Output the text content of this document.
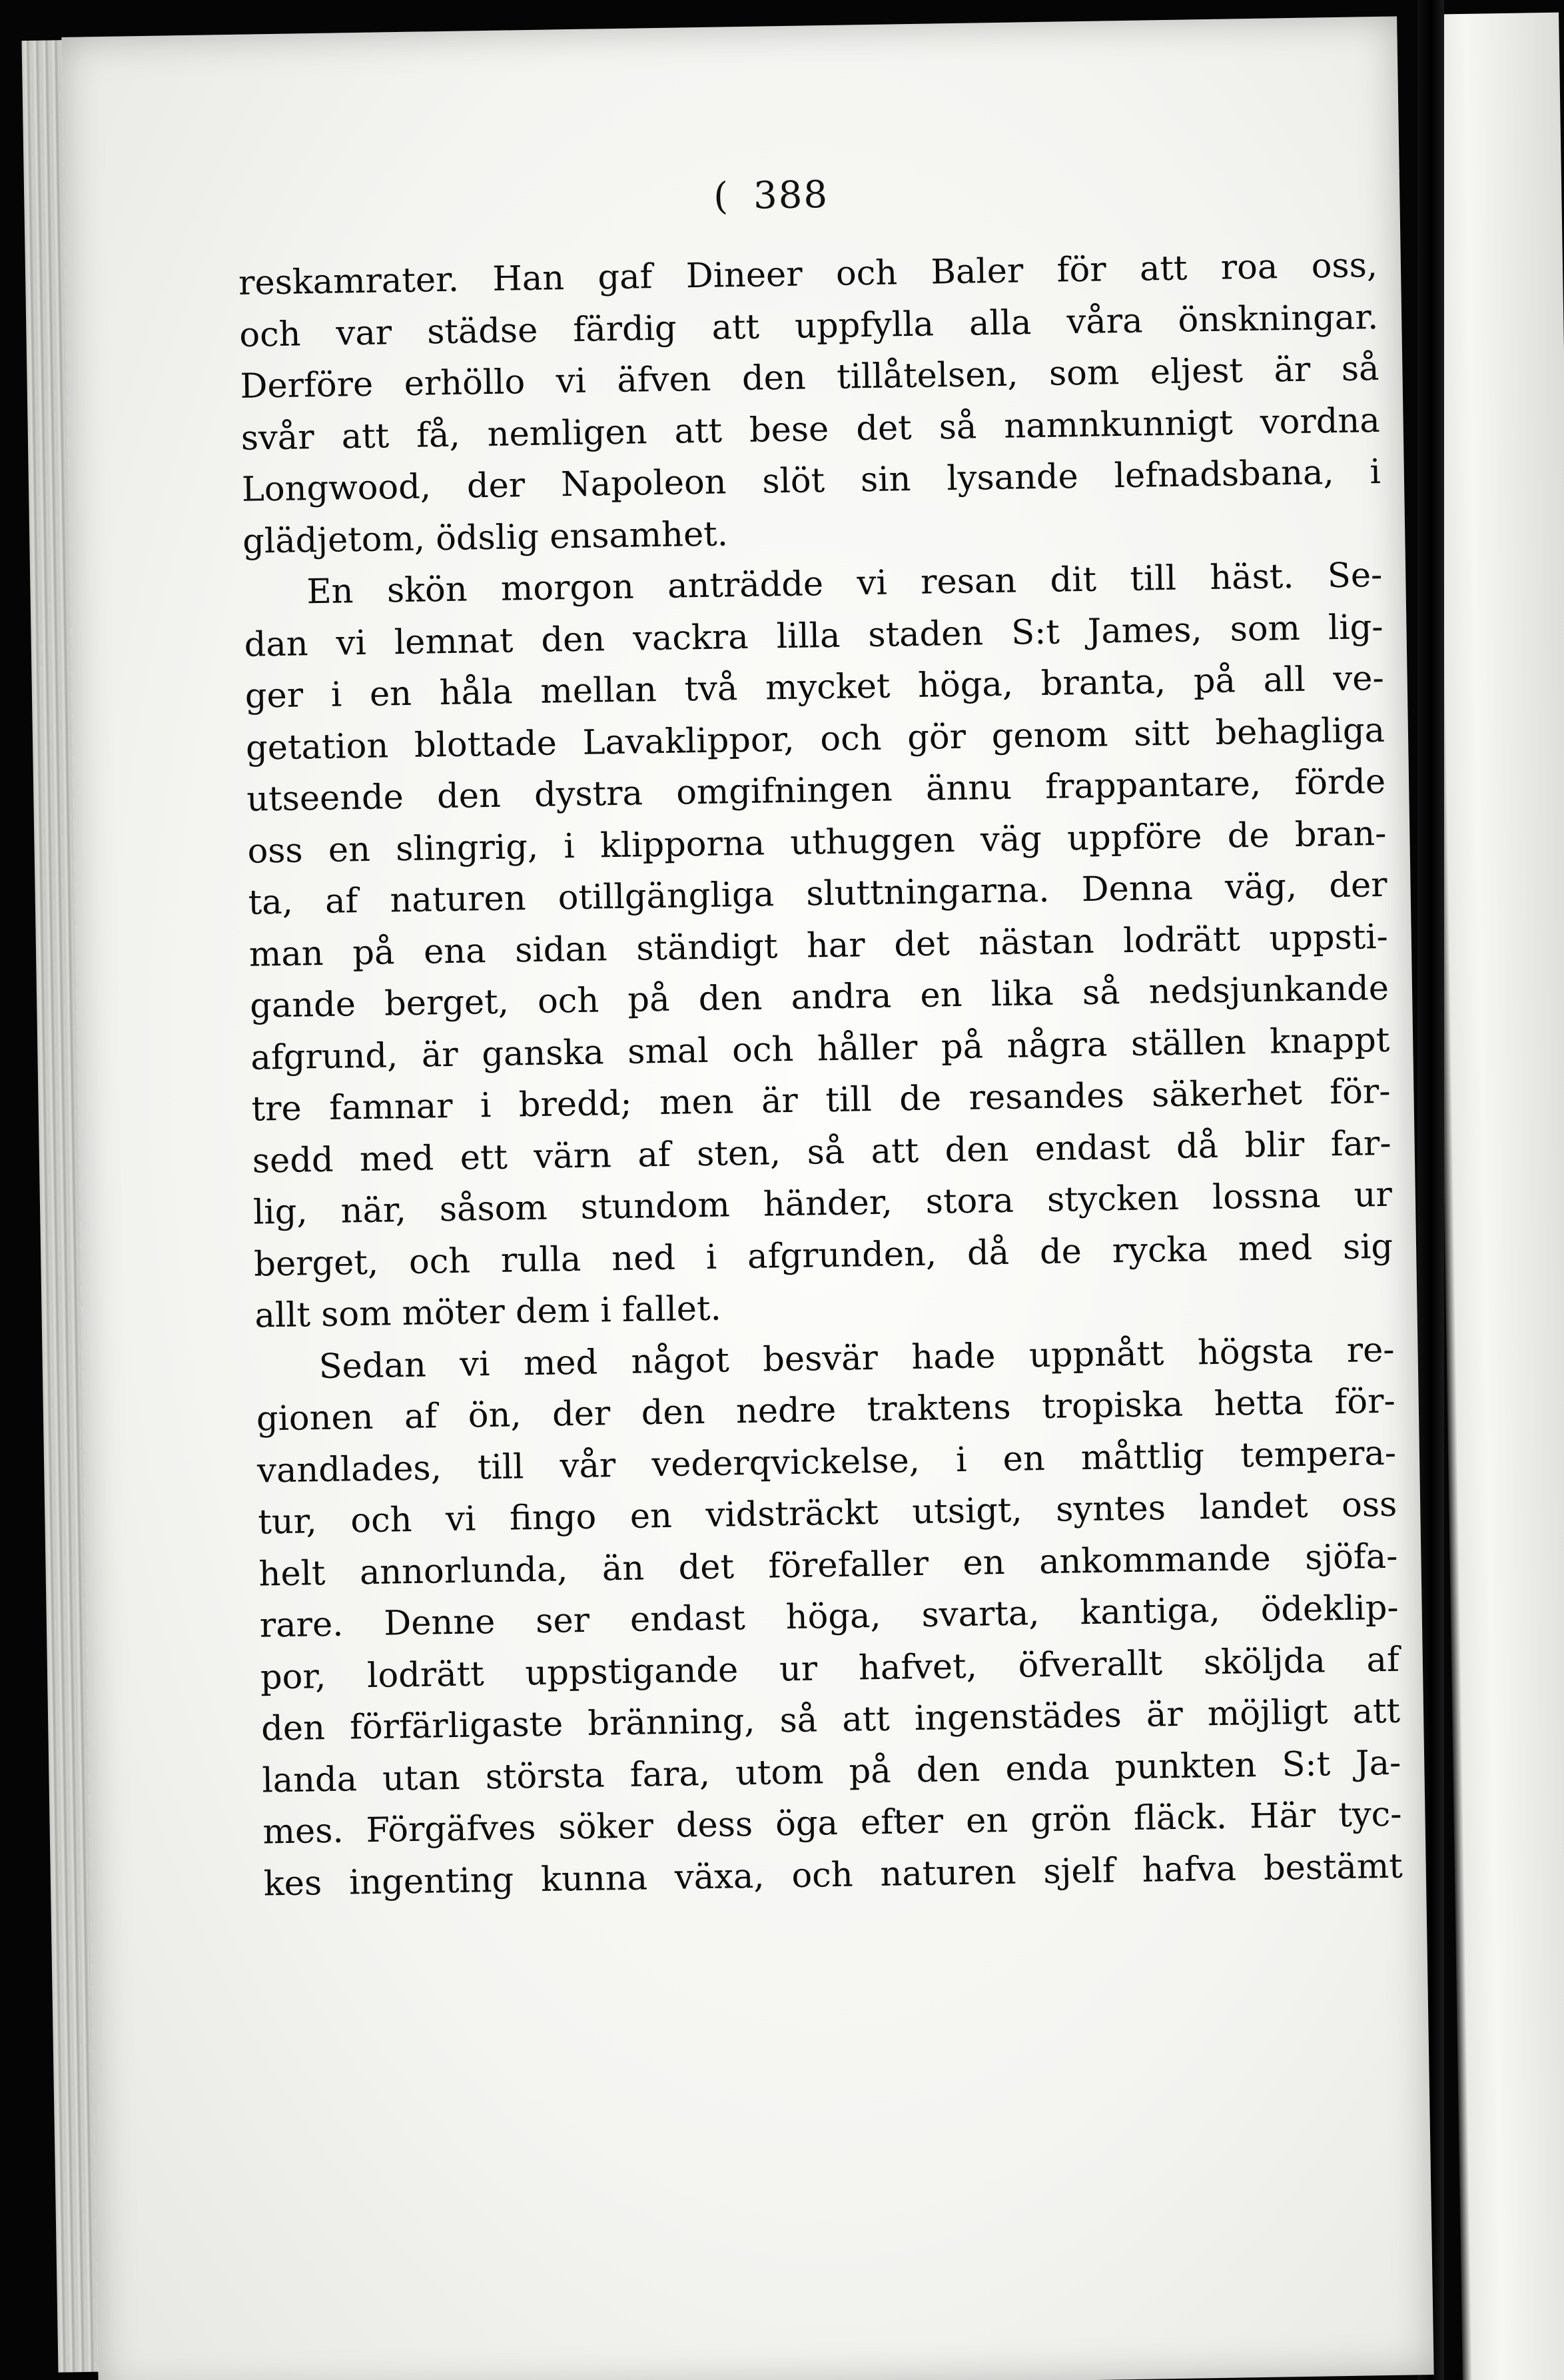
( 388
reskamrater. Han gaf Dineer och Baler för att roa oss,
och var städse färdig att uppfylla alla våra önskningar.
Derföre erhöllo vi äfven den tillåtelsen, som eljest är så
svår att få, nemligen att bese det så namnkunnigt vordna
Longwood, der Napoleon slöt sin lysande lefnadsbana, i
glädjetom, ödslig ensamhet.
En skön morgon anträdde vi resan dit till häst. Se-
dan vi lemnat den vackra lilla staden S:t James, som lig-
ger i en håla mellan två mycket höga, branta, på all ve-
getation blottade Lavaklippor, och gör genom sitt behagliga
utseende den dystra omgifningen ännu frappantare, förde
oss en slingrig, i klipporna uthuggen väg uppföre de bran-
ta, af naturen otillgängliga sluttningarna. Denna väg, der
man på ena sidan ständigt har det nästan lodrätt uppsti-
gande berget, och på den andra en lika så nedsjunkande
afgrund, är ganska smal och håller på några ställen knappt
tre famnar i bredd; men är till de resandes säkerhet för-
sedd med ett värn af sten, så att den endast då blir far-
lig, när, såsom stundom händer, stora stycken lossna ur
berget, och rulla ned i afgrunden, då de rycka med sig
allt som möter dem i fallet.
Sedan vi med något besvär hade uppnått högsta re-
gionen af ön, der den nedre traktens tropiska hetta för-
vandlades, till vår vederqvickelse, i en måttlig tempera-
tur, och vi fingo en vidsträckt utsigt, syntes landet oss
helt annorlunda, än det förefaller en ankommande sjöfa-
rare. Denne ser endast höga, svarta, kantiga, ödeklip-
por, lodrätt uppstigande ur hafvet, öfverallt sköljda af
den förfärligaste bränning, så att ingenstädes är möjligt att
landa utan största fara, utom på den enda punkten S:t Ja-
mes. Förgäfves söker dess öga efter en grön fläck. Här tyc-
kes ingenting kunna växa, och naturen sjelf hafva bestämt
